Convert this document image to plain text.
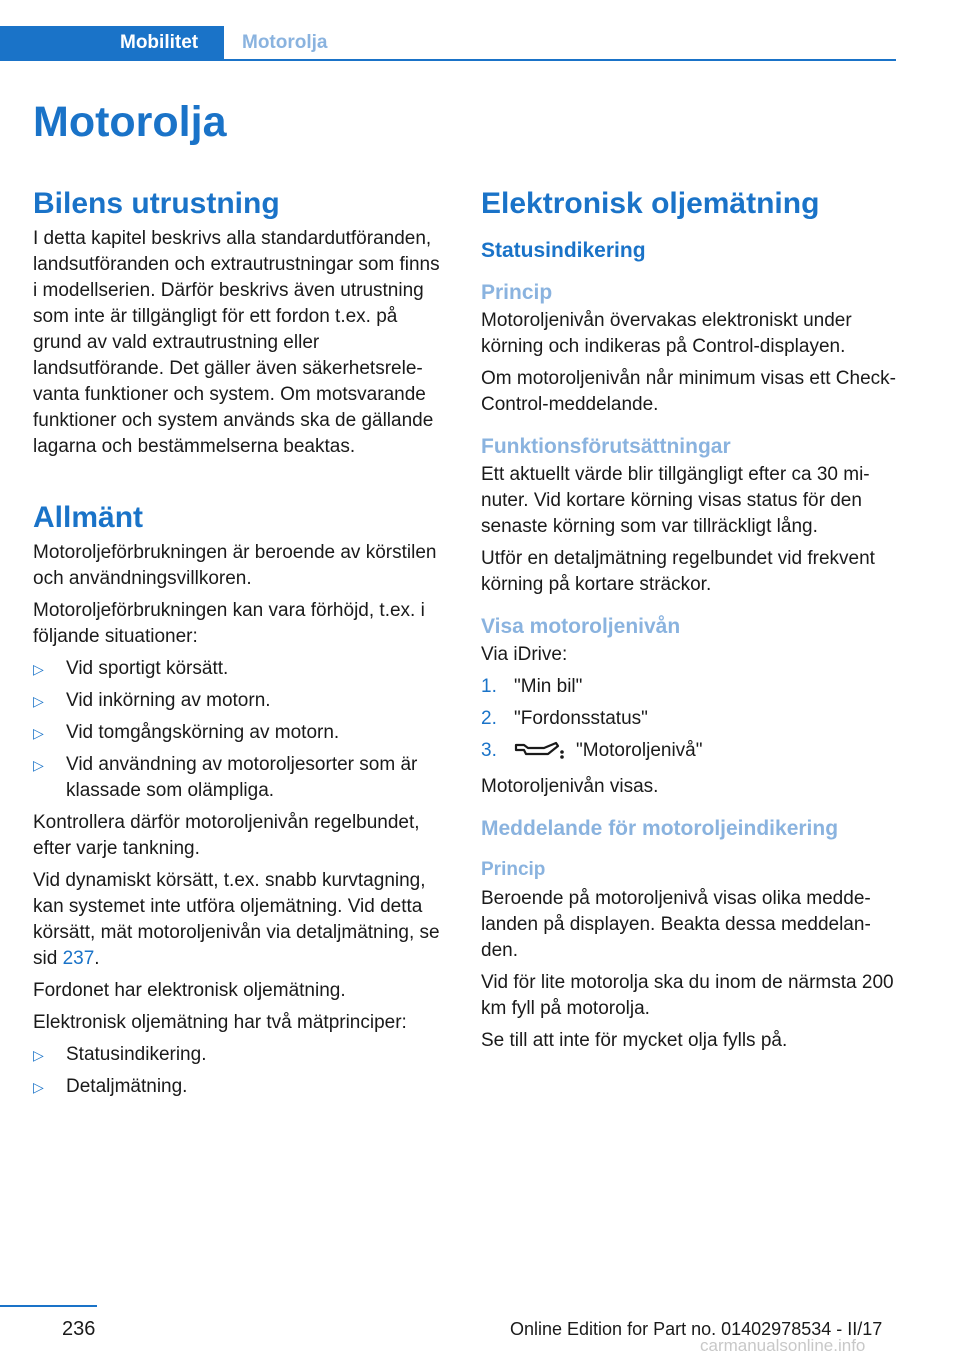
Mobilitet	Motorolja
Motorolja
Bilens utrustning

I detta kapitel beskrivs alla standardutföranden, landsutföranden och extrautrustningar som finns i modellserien. Därför beskrivs även utrustning som inte är tillgängligt för ett fordon t.ex. på grund av vald extrautrustning eller landsutförande. Det gäller även säkerhetsrelevanta funktioner och system. Om motsvarande funktioner och system används ska de gällande lagarna och bestämmelserna beaktas.

Allmänt

Motoroljeförbrukningen är beroende av körstilen och användningsvillkoren.

Motoroljeförbrukningen kan vara förhöjd, t.ex. i följande situationer:

▷ Vid sportigt körsätt.
▷ Vid inkörning av motorn.
▷ Vid tomgångskörning av motorn.
▷ Vid användning av motoroljesorter som är klassade som olämpliga.

Kontrollera därför motoroljenivån regelbundet, efter varje tankning.

Vid dynamiskt körsätt, t.ex. snabb kurvtagning, kan systemet inte utföra oljemätning. Vid detta körsätt, mät motoroljenivån via detaljmätning, se sid 237.

Fordonet har elektronisk oljemätning.

Elektronisk oljemätning har två mätprinciper:

▷ Statusindikering.
▷ Detaljmätning.
Elektronisk oljemätning
Statusindikering
Princip

Motoroljenivån övervakas elektroniskt under körning och indikeras på Control-displayen.

Om motoroljenivån når minimum visas ett Check-Control-meddelande.

Funktionsförutsättningar

Ett aktuellt värde blir tillgängligt efter ca 30 minuter. Vid kortare körning visas status för den senaste körning som var tillräckligt lång.

Utför en detaljmätning regelbundet vid frekvent körning på kortare sträckor.

Visa motoroljenivån

Via iDrive:

1. "Min bil"
2. "Fordonsstatus"
3.	"Motoroljenivå"

Motoroljenivån visas.

Meddelande för motoroljeindikering
Princip

Beroende på motoroljenivå visas olika meddelanden på displayen. Beakta dessa meddelanden.

Vid för lite motorolja ska du inom de närmsta 200 km fyll på motorolja.

Se till att inte för mycket olja fylls på.

236	Online Edition for Part no. 01402978534 - II/17
carmanualsonline.info
